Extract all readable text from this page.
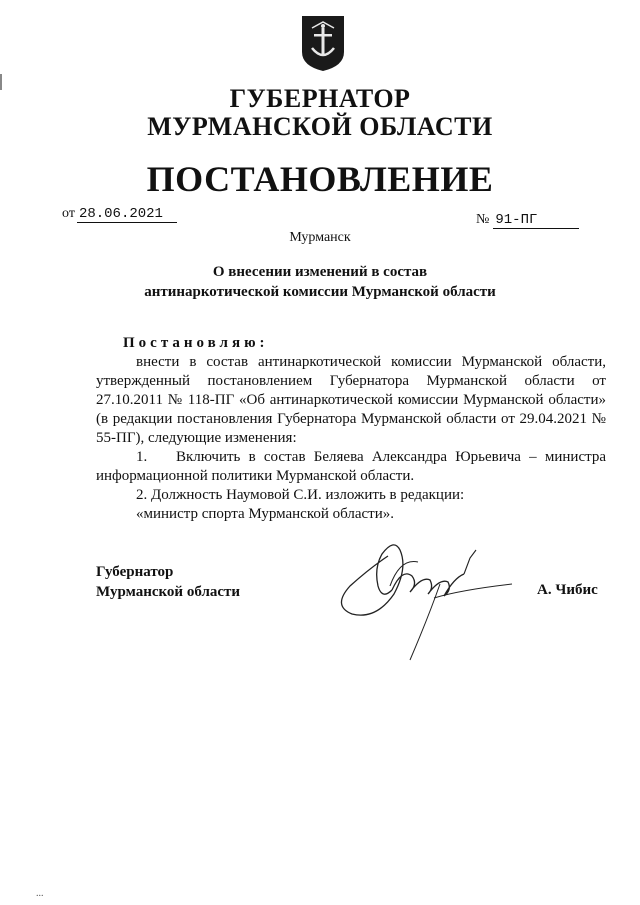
ГУБЕРНАТОР
МУРМАНСКОЙ ОБЛАСТИ
ПОСТАНОВЛЕНИЕ
от 28.06.2021	№ 91-ПГ
Мурманск
О внесении изменений в состав
антинаркотической комиссии Мурманской области

Постановляю:

внести в состав антинаркотической комиссии Мурманской области, утвержденный постановлением Губернатора Мурманской области от 27.10.2011 № 118-ПГ «Об антинаркотической комиссии Мурманской области» (в редакции постановления Губернатора Мурманской области от 29.04.2021 № 55-ПГ), следующие изменения:

1.	Включить в состав Беляева Александра Юрьевича – министра информационной политики Мурманской области.

2. Должность Наумовой С.И. изложить в редакции:

«министр спорта Мурманской области».

Губернатор
Мурманской области	А. Чибис
...
